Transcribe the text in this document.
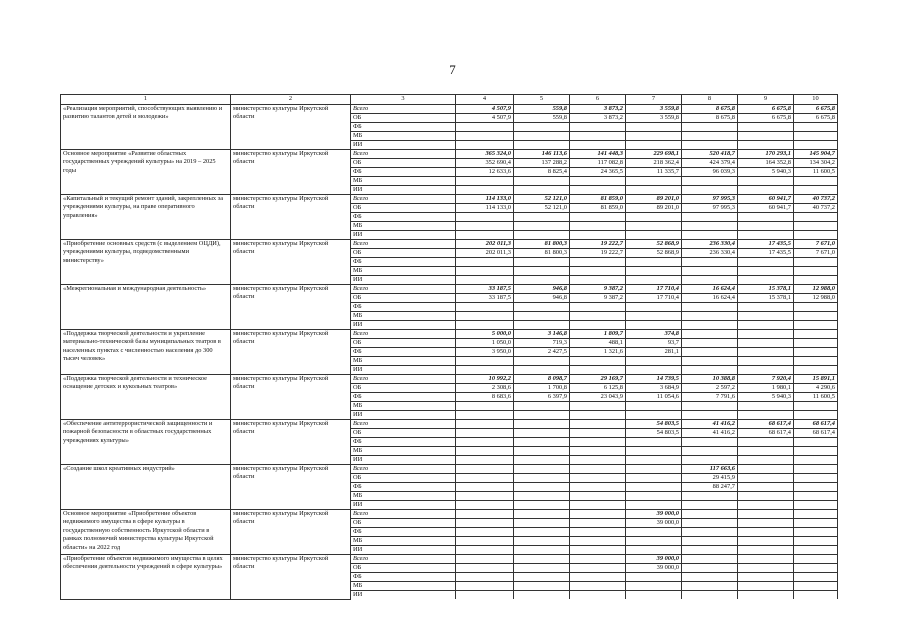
7
1	2	3	4	5	6	7	8	9	10
«Реализация мероприятий, способствующих выявлению и развитию талантов детей и молодежи»	министерство культуры Иркутской области	Всего	4 507,9	559,8	3 873,2	3 559,8	8 675,8	6 675,8	6 675,8
		ОБ	4 507,9	559,8	3 873,2	3 559,8	8 675,8	6 675,8	6 675,8
		ФБ							
		МБ							
		ИИ							
Основное мероприятие «Развитие областных государственных учреждений культуры» на 2019 – 2025 годы	министерство культуры Иркутской области	Всего	365 324,0	146 113,6	141 448,3	229 698,1	520 418,7	170 293,1	145 904,7
		ОБ	352 690,4	137 288,2	117 082,8	218 362,4	424 379,4	164 352,8	134 304,2
		ФБ	12 633,6	8 825,4	24 365,5	11 335,7	96 039,3	5 940,3	11 600,5
		МБ							
		ИИ							
«Капитальный и текущий ремонт зданий, закрепленных за учреждениями культуры, на праве оперативного управления»	министерство культуры Иркутской области	Всего	114 133,0	52 121,0	81 859,0	89 201,0	97 995,3	60 941,7	40 737,2
		ОБ	114 133,0	52 121,0	81 859,0	89 201,0	97 995,3	60 941,7	40 737,2
		ФБ							
		МБ							
		ИИ							
«Приобретение основных средств (с выделением ОЦДИ), учреждениями культуры, подведомственными министерству»	министерство культуры Иркутской области	Всего	202 011,3	81 800,3	19 222,7	52 868,9	236 330,4	17 435,5	7 671,0
		ОБ	202 011,3	81 800,3	19 222,7	52 868,9	236 330,4	17 435,5	7 671,0
		ФБ							
		МБ							
		ИИ							
«Межрегиональная и международная деятельность»	министерство культуры Иркутской области	Всего	33 187,5	946,8	9 387,2	17 710,4	16 624,4	15 378,1	12 988,0
		ОБ	33 187,5	946,8	9 387,2	17 710,4	16 624,4	15 378,1	12 988,0
		ФБ							
		МБ							
		ИИ							
«Поддержка творческой деятельности и укрепление материально-технической базы муниципальных театров в населенных пунктах с численностью населения до 300 тысяч человек»	министерство культуры Иркутской области	Всего	5 000,0	3 146,8	1 809,7	374,8			
		ОБ	1 050,0	719,3	488,1	93,7			
		ФБ	3 950,0	2 427,5	1 321,6	281,1			
		МБ							
		ИИ							
«Поддержка творческой деятельности и техническое оснащение детских и кукольных театров»	министерство культуры Иркутской области	Всего	10 992,2	8 098,7	29 169,7	14 739,5	10 388,8	7 920,4	15 891,1
		ОБ	2 308,6	1 700,8	6 125,8	3 684,9	2 597,2	1 980,1	4 290,6
		ФБ	8 683,6	6 397,9	23 043,9	11 054,6	7 791,6	5 940,3	11 600,5
		МБ							
		ИИ							
«Обеспечение антитеррористической защищенности и пожарной безопасности в областных государственных учреждениях культуры»	министерство культуры Иркутской области	Всего				54 803,5	41 416,2	68 617,4	68 617,4
		ОБ				54 803,5	41 416,2	68 617,4	68 617,4
		ФБ							
		МБ							
		ИИ							
«Создание школ креативных индустрий»	министерство культуры Иркутской области	Всего					117 663,6		
		ОБ					29 415,9		
		ФБ					88 247,7		
		МБ							
		ИИ							
Основное мероприятие «Приобретение объектов недвижимого имущества в сфере культуры в государственную собственность Иркутской области в рамках полномочий министерства культуры Иркутской области» на 2022 год	министерство культуры Иркутской области	Всего				39 000,0			
		ОБ				39 000,0			
		ФБ							
		МБ							
		ИИ							
«Приобретение объектов недвижимого имущества в целях обеспечения деятельности учреждений в сфере культуры»	министерство культуры Иркутской области	Всего				39 000,0			
		ОБ				39 000,0			
		ФБ							
		МБ							
		ИИ							
